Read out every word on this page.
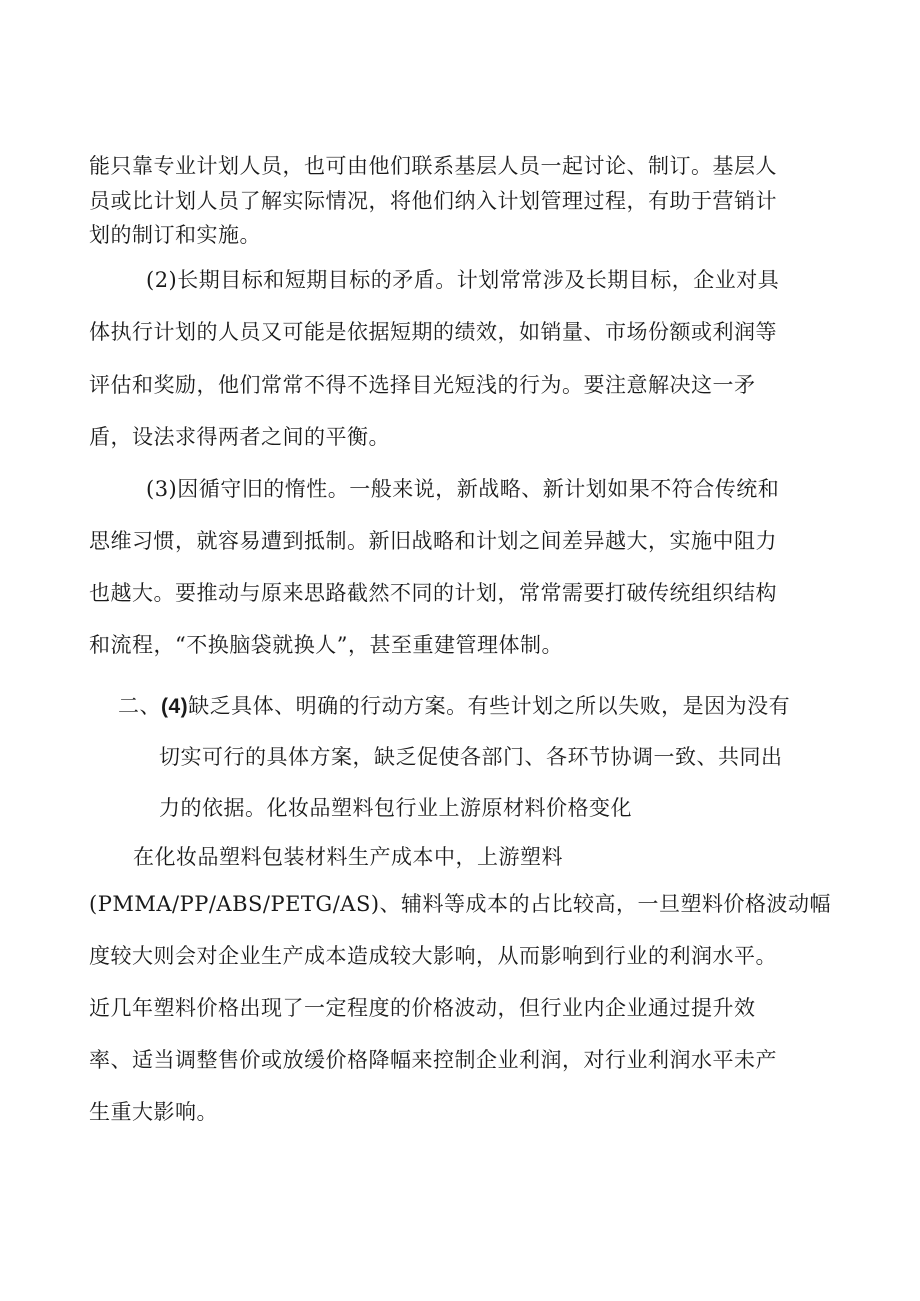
能只靠专业计划人员，也可由他们联系基层人员一起讨论、制订。基层人
员或比计划人员了解实际情况，将他们纳入计划管理过程，有助于营销计
划的制订和实施。
(2)长期目标和短期目标的矛盾。计划常常涉及长期目标，企业对具
体执行计划的人员又可能是依据短期的绩效，如销量、市场份额或利润等
评估和奖励，他们常常不得不选择目光短浅的行为。要注意解决这一矛
盾，设法求得两者之间的平衡。
(3)因循守旧的惰性。一般来说，新战略、新计划如果不符合传统和
思维习惯，就容易遭到抵制。新旧战略和计划之间差异越大，实施中阻力
也越大。要推动与原来思路截然不同的计划，常常需要打破传统组织结构
和流程，“不换脑袋就换人”，甚至重建管理体制。
二、(4)缺乏具体、明确的行动方案。有些计划之所以失败，是因为没有
切实可行的具体方案，缺乏促使各部门、各环节协调一致、共同出
力的依据。化妆品塑料包行业上游原材料价格变化
在化妆品塑料包装材料生产成本中，上游塑料
(PMMA/PP/ABS/PETG/AS)、辅料等成本的占比较高，一旦塑料价格波动幅
度较大则会对企业生产成本造成较大影响，从而影响到行业的利润水平。
近几年塑料价格出现了一定程度的价格波动，但行业内企业通过提升效
率、适当调整售价或放缓价格降幅来控制企业利润，对行业利润水平未产
生重大影响。
